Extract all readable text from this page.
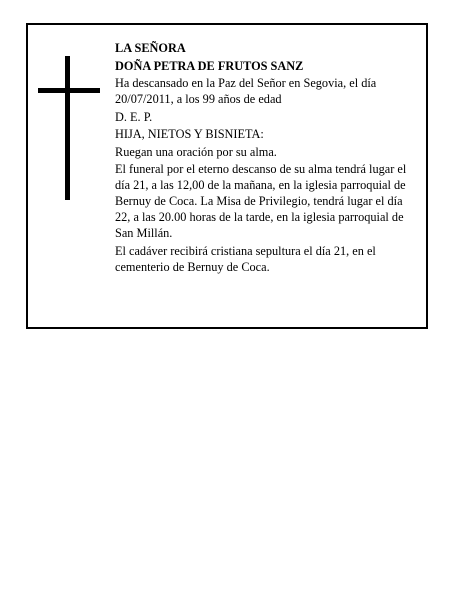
LA SEÑORA

DOÑA PETRA DE FRUTOS SANZ

Ha descansado en la Paz del Señor en Segovia, el día 20/07/2011, a los 99 años de edad

D. E. P.

HIJA, NIETOS Y BISNIETA:

Ruegan una oración por su alma.

El funeral por el eterno descanso de su alma tendrá lugar el día 21, a las 12,00 de la mañana, en la iglesia parroquial de Bernuy de Coca. La Misa de Privilegio, tendrá lugar el día 22, a las 20.00 horas de la tarde, en la iglesia parroquial de San Millán.

El cadáver recibirá cristiana sepultura el día 21, en el cementerio de Bernuy de Coca.
